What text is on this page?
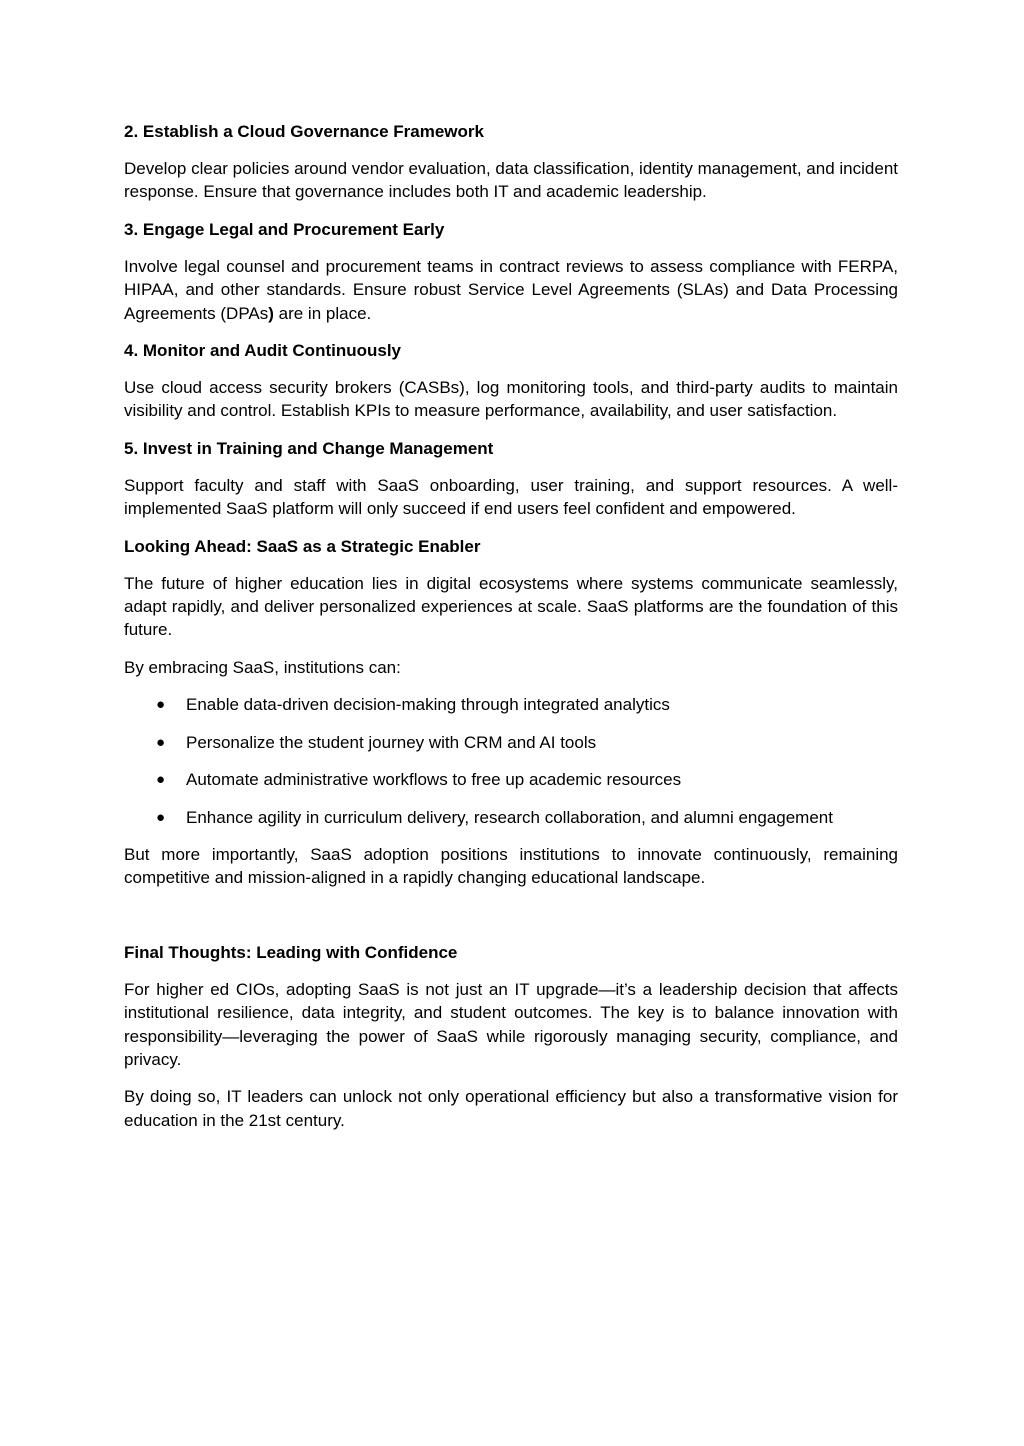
2. Establish a Cloud Governance Framework

Develop clear policies around vendor evaluation, data classification, identity management, and incident response. Ensure that governance includes both IT and academic leadership.

3. Engage Legal and Procurement Early

Involve legal counsel and procurement teams in contract reviews to assess compliance with FERPA, HIPAA, and other standards. Ensure robust Service Level Agreements (SLAs) and Data Processing Agreements (DPAs) are in place.

4. Monitor and Audit Continuously

Use cloud access security brokers (CASBs), log monitoring tools, and third-party audits to maintain visibility and control. Establish KPIs to measure performance, availability, and user satisfaction.

5. Invest in Training and Change Management

Support faculty and staff with SaaS onboarding, user training, and support resources. A well-implemented SaaS platform will only succeed if end users feel confident and empowered.

Looking Ahead: SaaS as a Strategic Enabler

The future of higher education lies in digital ecosystems where systems communicate seamlessly, adapt rapidly, and deliver personalized experiences at scale. SaaS platforms are the foundation of this future.

By embracing SaaS, institutions can:

● Enable data-driven decision-making through integrated analytics
● Personalize the student journey with CRM and AI tools
● Automate administrative workflows to free up academic resources
● Enhance agility in curriculum delivery, research collaboration, and alumni engagement

But more importantly, SaaS adoption positions institutions to innovate continuously, remaining competitive and mission-aligned in a rapidly changing educational landscape.

Final Thoughts: Leading with Confidence

For higher ed CIOs, adopting SaaS is not just an IT upgrade—it’s a leadership decision that affects institutional resilience, data integrity, and student outcomes. The key is to balance innovation with responsibility—leveraging the power of SaaS while rigorously managing security, compliance, and privacy.

By doing so, IT leaders can unlock not only operational efficiency but also a transformative vision for education in the 21st century.
